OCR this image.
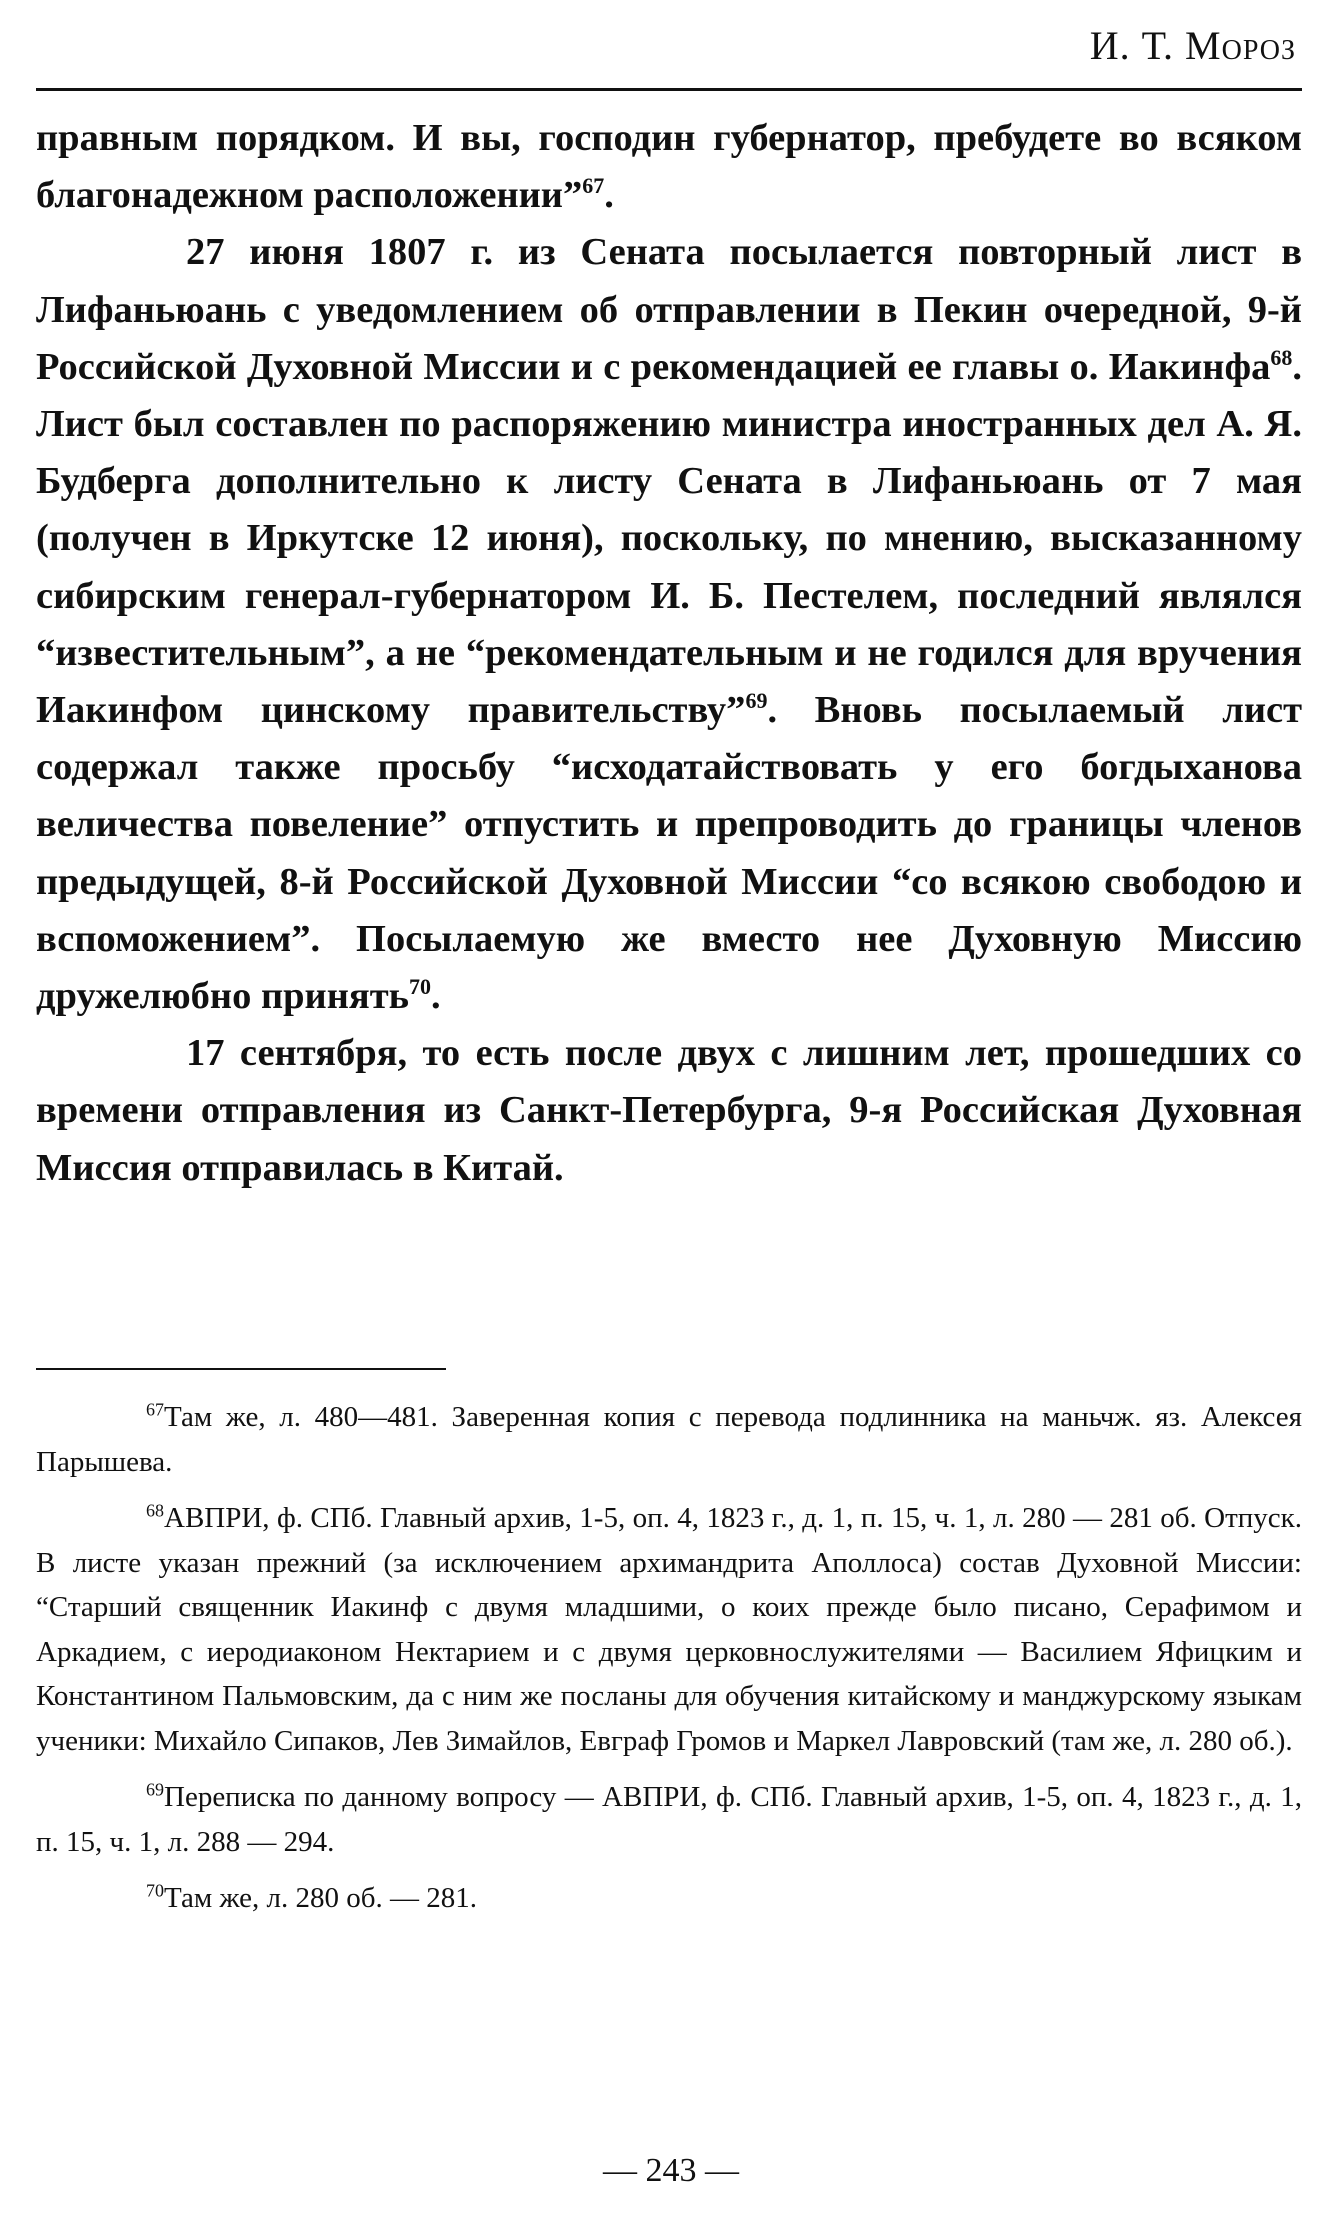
И. Т. Мороз

правным порядком. И вы, господин губернатор, пребудете во всяком благонадежном расположении”$^{67}$.

27 июня 1807 г. из Сената посылается повторный лист в Лифаньюань с уведомлением об отправлении в Пекин очередной, 9-й Российской Духовной Миссии и с рекомендацией ее главы о. Иакинфа$^{68}$. Лист был составлен по распоряжению министра иностранных дел А. Я. Будберга дополнительно к листу Сената в Лифаньюань от 7 мая (получен в Иркутске 12 июня), поскольку, по мнению, высказанному сибирским генерал-губернатором И. Б. Пестелем, последний являлся “известительным”, а не “рекомендательным и не годился для вручения Иакинфом цинскому правительству”$^{69}$. Вновь посылаемый лист содержал также просьбу “исходатайствовать у его богдыханова величества повеление” отпустить и препроводить до границы членов предыдущей, 8-й Российской Духовной Миссии “со всякою свободою и вспоможением”. Посылаемую же вместо нее Духовную Миссию дружелюбно принять$^{70}$.

17 сентября, то есть после двух с лишним лет, прошедших со времени отправления из Санкт-Петербурга, 9-я Российская Духовная Миссия отправилась в Китай.

$^{67}$Там же, л. 480—481. Заверенная копия с перевода подлинника на маньчж. яз. Алексея Парышева.

$^{68}$АВПРИ, ф. СПб. Главный архив, 1-5, оп. 4, 1823 г., д. 1, п. 15, ч. 1, л. 280 — 281 об. Отпуск. В листе указан прежний (за исключением архимандрита Аполлоса) состав Духовной Миссии: “Старший священник Иакинф с двумя младшими, о коих прежде было писано, Серафимом и Аркадием, с иеродиаконом Нектарием и с двумя церковнослужителями — Василием Яфицким и Константином Пальмовским, да с ним же посланы для обучения китайскому и манджурскому языкам ученики: Михайло Сипаков, Лев Зимайлов, Евграф Громов и Маркел Лавровский (там же, л. 280 об.).

$^{69}$Переписка по данному вопросу — АВПРИ, ф. СПб. Главный архив, 1-5, оп. 4, 1823 г., д. 1, п. 15, ч. 1, л. 288 — 294.

$^{70}$Там же, л. 280 об. — 281.

— 243 —
